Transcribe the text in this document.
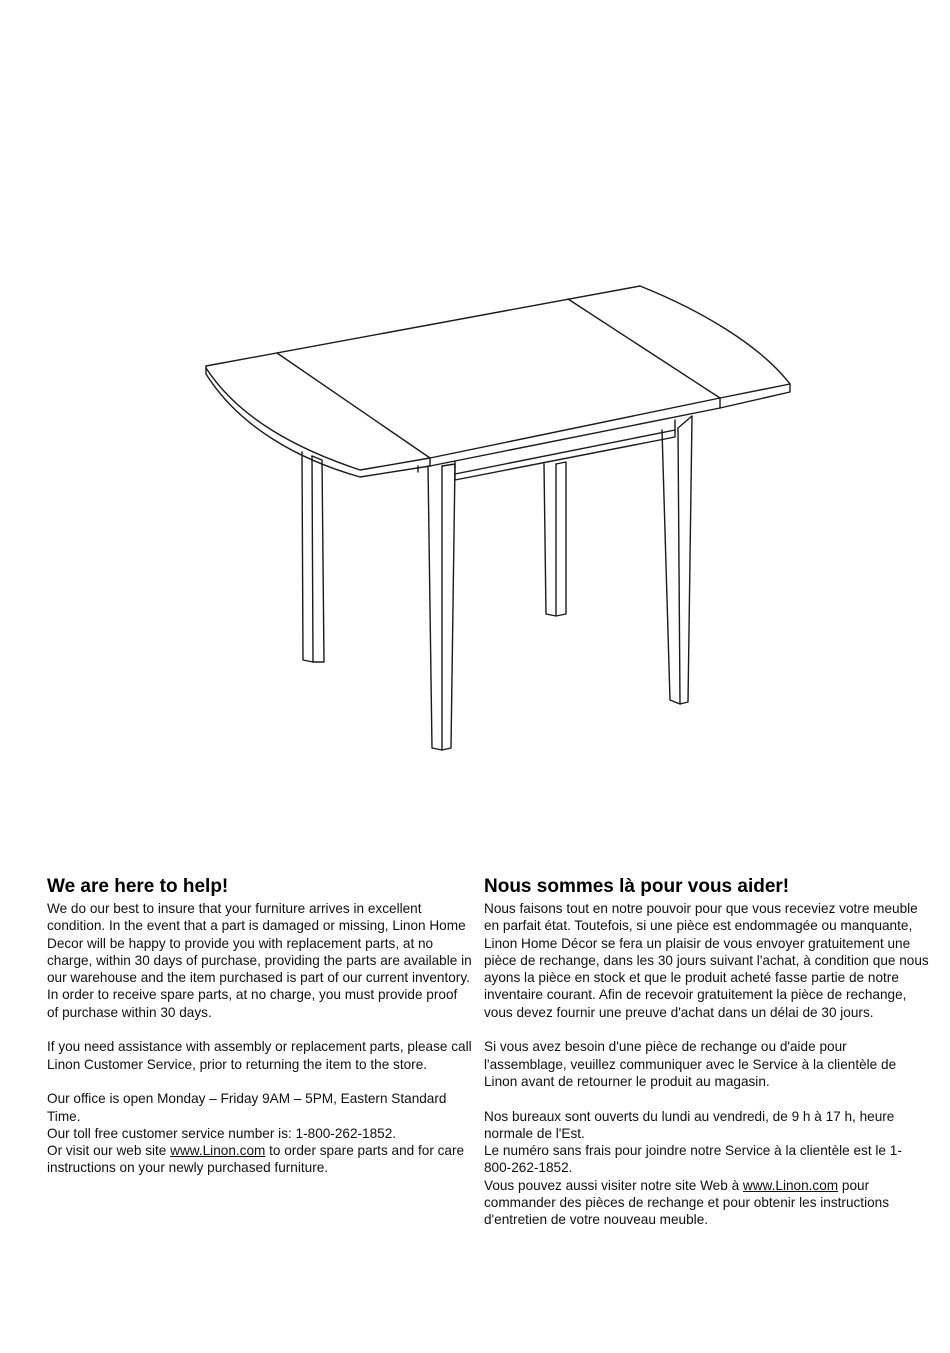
We are here to help!

We do our best to insure that your furniture arrives in excellent condition. In the event that a part is damaged or missing, Linon Home Decor will be happy to provide you with replacement parts, at no charge, within 30 days of purchase, providing the parts are available in our warehouse and the item purchased is part of our current inventory. In order to receive spare parts, at no charge, you must provide proof of purchase within 30 days.

If you need assistance with assembly or replacement parts, please call Linon Customer Service, prior to returning the item to the store.

Our office is open Monday – Friday 9AM – 5PM, Eastern Standard Time.

Our toll free customer service number is: 1-800-262-1852.

Or visit our web site www.Linon.com to order spare parts and for care instructions on your newly purchased furniture.

Nous sommes là pour vous aider!

Nous faisons tout en notre pouvoir pour que vous receviez votre meuble en parfait état. Toutefois, si une pièce est endommagée ou manquante, Linon Home Décor se fera un plaisir de vous envoyer gratuitement une pièce de rechange, dans les 30 jours suivant l'achat, à condition que nous ayons la pièce en stock et que le produit acheté fasse partie de notre inventaire courant. Afin de recevoir gratuitement la pièce de rechange, vous devez fournir une preuve d'achat dans un délai de 30 jours.

Si vous avez besoin d'une pièce de rechange ou d'aide pour l'assemblage, veuillez communiquer avec le Service à la clientèle de Linon avant de retourner le produit au magasin.

Nos bureaux sont ouverts du lundi au vendredi, de 9 h à 17 h, heure normale de l'Est.

Le numéro sans frais pour joindre notre Service à la clientèle est le 1-800-262-1852.

Vous pouvez aussi visiter notre site Web à www.Linon.com pour commander des pièces de rechange et pour obtenir les instructions d'entretien de votre nouveau meuble.
